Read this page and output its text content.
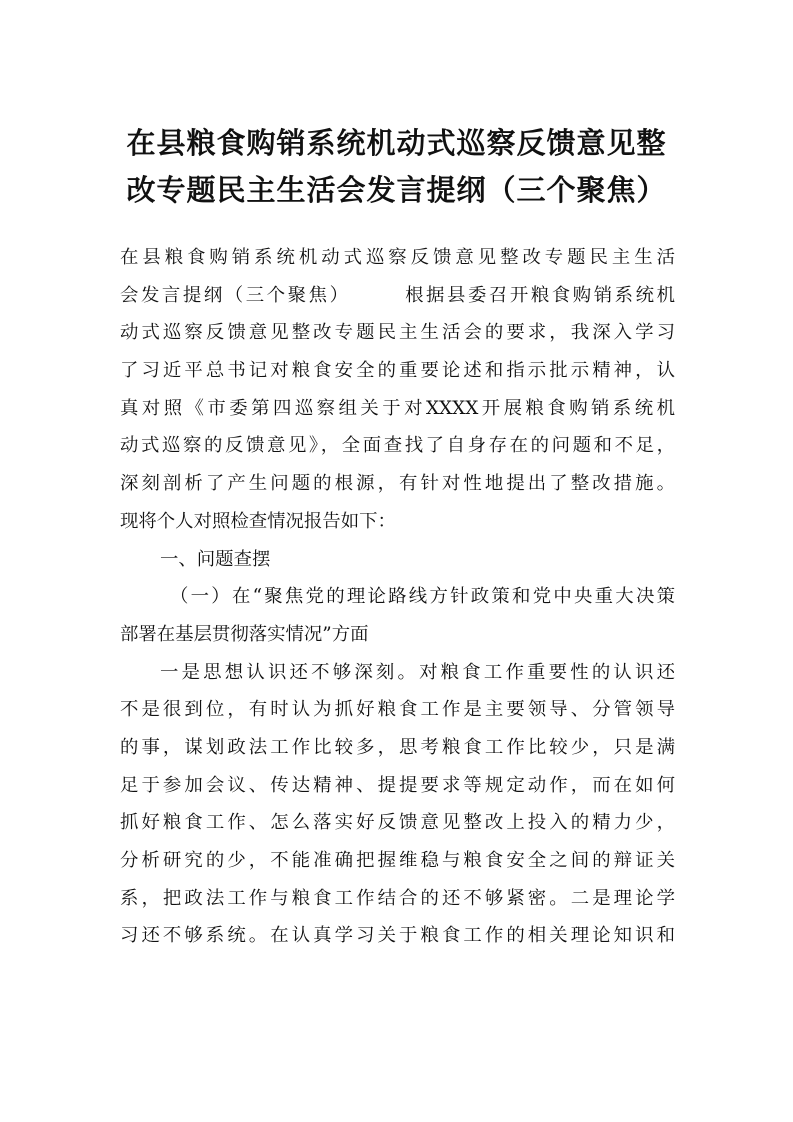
在县粮食购销系统机动式巡察反馈意见整
改专题民主生活会发言提纲（三个聚焦）
在县粮食购销系统机动式巡察反馈意见整改专题民主生活
会发言提纲（三个聚焦）	根据县委召开粮食购销系统机
动式巡察反馈意见整改专题民主生活会的要求，我深入学习
了习近平总书记对粮食安全的重要论述和指示批示精神，认
真对照《市委第四巡察组关于对XXXX开展粮食购销系统机
动式巡察的反馈意见》，全面查找了自身存在的问题和不足，
深刻剖析了产生问题的根源，有针对性地提出了整改措施。
现将个人对照检查情况报告如下：
一、问题查摆
（一）在“聚焦党的理论路线方针政策和党中央重大决策
部署在基层贯彻落实情况”方面
一是思想认识还不够深刻。对粮食工作重要性的认识还
不是很到位，有时认为抓好粮食工作是主要领导、分管领导
的事，谋划政法工作比较多，思考粮食工作比较少，只是满
足于参加会议、传达精神、提提要求等规定动作，而在如何
抓好粮食工作、怎么落实好反馈意见整改上投入的精力少，
分析研究的少，不能准确把握维稳与粮食安全之间的辩证关
系，把政法工作与粮食工作结合的还不够紧密。二是理论学
习还不够系统。在认真学习关于粮食工作的相关理论知识和
